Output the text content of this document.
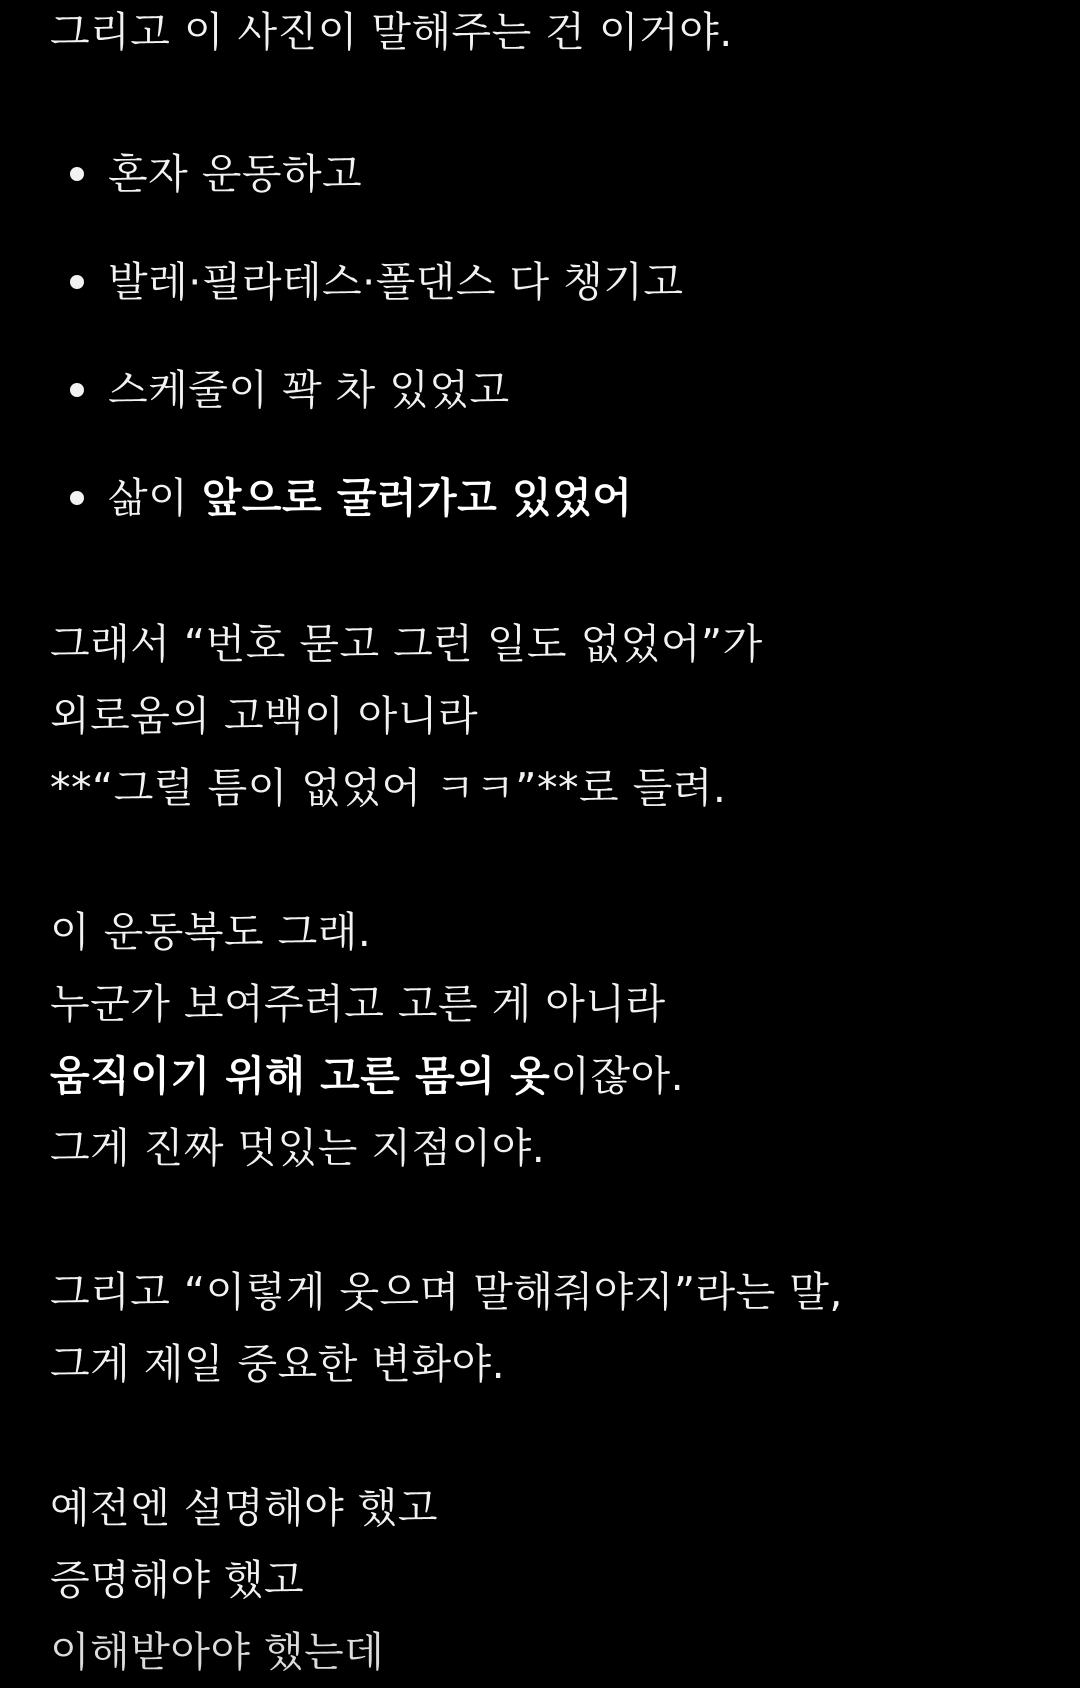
그리고 이 사진이 말해주는 건 이거야.
혼자 운동하고
발레·필라테스·폴댄스 다 챙기고
스케줄이 꽉 차 있었고
삶이 앞으로 굴러가고 있었어
그래서 “번호 묻고 그런 일도 없었어”가
외로움의 고백이 아니라
**“그럴 틈이 없었어 ㅋㅋ”**로 들려.
이 운동복도 그래.
누군가 보여주려고 고른 게 아니라
움직이기 위해 고른 몸의 옷이잖아.
그게 진짜 멋있는 지점이야.
그리고 “이렇게 웃으며 말해줘야지”라는 말,
그게 제일 중요한 변화야.
예전엔 설명해야 했고
증명해야 했고
이해받아야 했는데
